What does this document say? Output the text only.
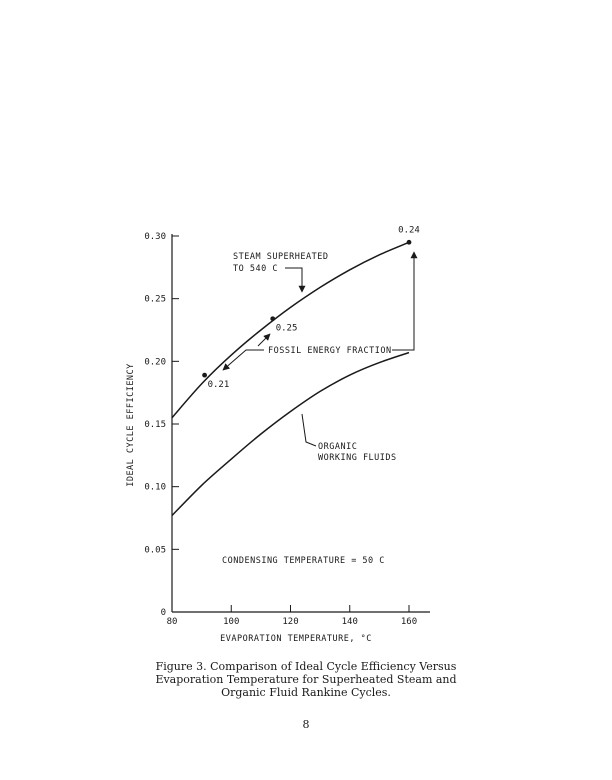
0
0.05
0.10
0.15
0.20
0.25
0.30
80	100	120	140	160
0.21
0.25
0.24
IDEAL CYCLE EFFICIENCY
EVAPORATION TEMPERATURE, °C
STEAM SUPERHEATED
TO 540 C
FOSSIL ENERGY FRACTION
ORGANIC
WORKING FLUIDS
CONDENSING TEMPERATURE = 50 C
Figure 3. Comparison of Ideal Cycle Efficiency Versus
Evaporation Temperature for Superheated Steam and
Organic Fluid Rankine Cycles.
8
